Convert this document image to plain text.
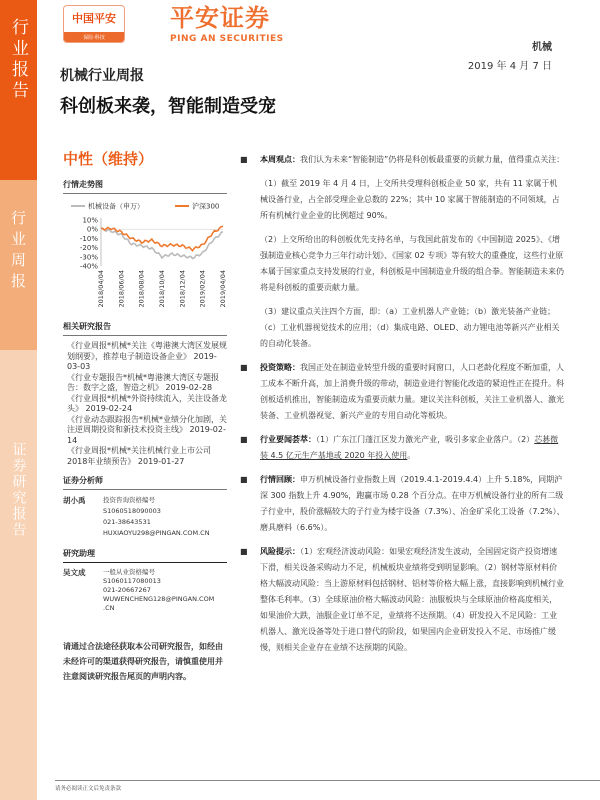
行业报告
行业周报
证券研究报告
中国平安
保险·科技
平安证券
PING AN SECURITIES
机械
2019 年 4 月 7 日
机械行业周报
科创板来袭，智能制造受宠
中性（维持）
行情走势图
10%
0%
-10%
-20%
-30%
-40%
2018/04/04 2018/06/04 2018/08/04 2018/10/04 2018/12/04 2019/02/04 2019/04/04
机械设备（申万）	沪深300
相关研究报告
《行业周报*机械*关注《粤港澳大湾区发展规划纲要》，推荐电子制造设备企业》 2019-03-03
《行业专题报告*机械*粤港澳大湾区专题报告：数字之盛，智造之机》 2019-02-28
《行业周报*机械*外资持续流入，关注设备龙头》 2019-02-24
《行业动态跟踪报告*机械*业绩分化加剧，关注逆周期投资和新技术投资主线》 2019-02-14
《行业周报*机械*关注机械行业上市公司2018年业绩预告》 2019-01-27
证券分析师
胡小禹	投资咨询资格编号
S1060518090003
021-38643531
HUXIAOYU298@PINGAN.COM.CN
研究助理
吴文成	一般从业资格编号
S1060117080013
021-20667267
WUWENCHENG128@PINGAN.COM
.CN
请通过合法途径获取本公司研究报告，如经由未经许可的渠道获得研究报告，请慎重使用并注意阅读研究报告尾页的声明内容。
■	本周观点：我们认为未来“智能制造”仍将是科创板最重要的贡献力量，值得重点关注：
（1）截至 2019 年 4 月 4 日，上交所共受理科创板企业 50 家，共有 11 家属于机械设备行业，占全部受理企业总数的 22%；其中 10 家属于智能制造的不同领域，占所有机械行业企业的比例超过 90%。
（2）上交所给出的科创板优先支持名单，与我国此前发布的《中国制造 2025》、《增强制造业核心竞争力三年行动计划》、《国家 02 专项》等有较大的重叠度，这些行业原本属于国家重点支持发展的行业，科创板是中国制造业升级的组合拳。智能制造未来仍将是科创板的重要贡献力量。
（3）建议重点关注四个方面，即：（a）工业机器人产业链；（b）激光装备产业链；（c）工业机器视觉技术的应用；（d）集成电路、OLED、动力锂电池等新兴产业相关的自动化装备。
■	投资策略：我国正处在制造业转型升级的重要时间窗口，人口老龄化程度不断加重，人工成本不断升高，加上消费升级的带动，制造业进行智能化改造的紧迫性正在提升。科创板适机推出，智能制造成为重要贡献力量。建议关注科创板，关注工业机器人、激光装备、工业机器视觉、新兴产业的专用自动化等板块。
■	行业要闻荟萃：（1）广东江门蓬江区发力激光产业，吸引多家企业落户。（2）芯碁微装 4.5 亿元生产基地或 2020 年投入使用。
■	行情回顾：申万机械设备行业指数上周（2019.4.1-2019.4.4）上升 5.18%，同期沪深 300 指数上升 4.90%，跑赢市场 0.28 个百分点。在申万机械设备行业的所有二级子行业中，股价涨幅较大的子行业为楼宇设备（7.3%）、冶金矿采化工设备（7.2%）、磨具磨料（6.6%）。
■	风险提示：（1）宏观经济波动风险：如果宏观经济发生波动，全国固定资产投资增速下滑，相关设备采购动力不足，机械板块业绩将受到明显影响。（2）钢材等原材料价格大幅波动风险：当上游原材料包括钢材、铝材等价格大幅上涨，直接影响到机械行业整体毛利率。（3）全球原油价格大幅波动风险：油服板块与全球原油价格高度相关，如果油价大跌，油服企业订单不足，业绩将不达预期。（4）研发投入不足风险：工业机器人、激光设备等处于进口替代的阶段，如果国内企业研发投入不足、市场推广缓慢，则相关企业存在业绩不达预期的风险。
请务必阅读正文后免责条款
